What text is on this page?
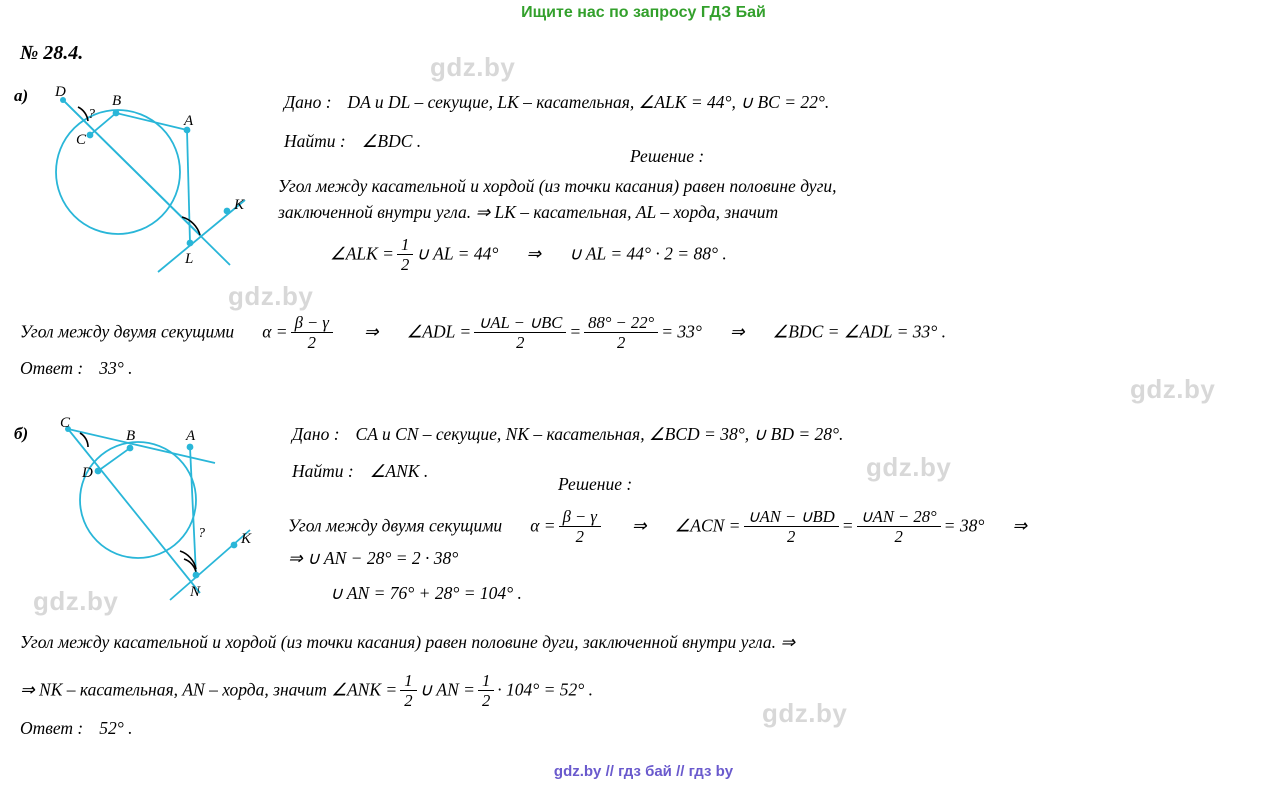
Ищите нас по запросу ГДЗ Бай
gdz.by
gdz.by
gdz.by
gdz.by
gdz.by
gdz.by
№ 28.4.
а) D
B
A
C
L
K
?
Дано : DA и DL – секущие, LK – касательная, ∠ALK = 44°, ∪ BC = 22°.
Найти : ∠BDC .
Решение :
Угол между касательной и хордой (из точки касания) равен половине дуги,
заключенной внутри угла. ⇒ LK – касательная, AL – хорда, значит
∠ALK = $\frac{1}{2}$ ∪ AL = 44° ⇒ ∪ AL = 44° · 2 = 88° .
Угол между двумя секущими $\alpha = \frac{\beta - \gamma}{2}$ ⇒ ∠ADL = $\frac{\cup AL - \cup BC}{2} = \frac{88^\circ - 22^\circ}{2} = 33^\circ$ ⇒ ∠BDC = ∠ADL = 33° .
Ответ : 33° .
б)
C
B	A
D
N
K
?
Дано : CA и CN – секущие, NK – касательная, ∠BCD = 38°, ∪ BD = 28°.
Найти : ∠ANK .
Решение :
Угол между двумя секущими $\alpha = \frac{\beta - \gamma}{2}$ ⇒ ∠ACN = $\frac{\cup AN - \cup BD}{2} = \frac{\cup AN - 28^\circ}{2} = 38^\circ$ ⇒
⇒ ∪ AN − 28° = 2 · 38°
∪ AN = 76° + 28° = 104° .
Угол между касательной и хордой (из точки касания) равен половине дуги, заключенной внутри угла. ⇒
⇒ NK – касательная, AN – хорда, значит ∠ANK = $\frac{1}{2}$ ∪ AN = $\frac{1}{2} \cdot 104^\circ = 52^\circ$ .
Ответ : 52° .
gdz.by // гдз бай // гдз by
